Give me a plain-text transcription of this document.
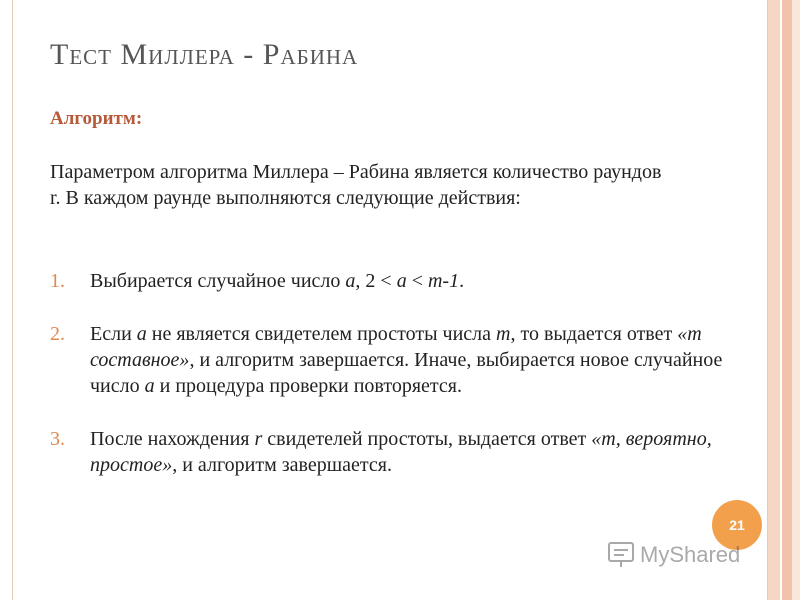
Тест Миллера - Рабина
Алгоритм:

Параметром алгоритма Миллера – Рабина является количество раундов r. В каждом раунде выполняются следующие действия:

1. Выбирается случайное число a, 2 < a < m-1.
2. Если a не является свидетелем простоты числа m, то выдается ответ «m составное», и алгоритм завершается. Иначе, выбирается новое случайное число a и процедура проверки повторяется.
3. После нахождения r свидетелей простоты, выдается ответ «m, вероятно, простое», и алгоритм завершается.
21
MyShared
